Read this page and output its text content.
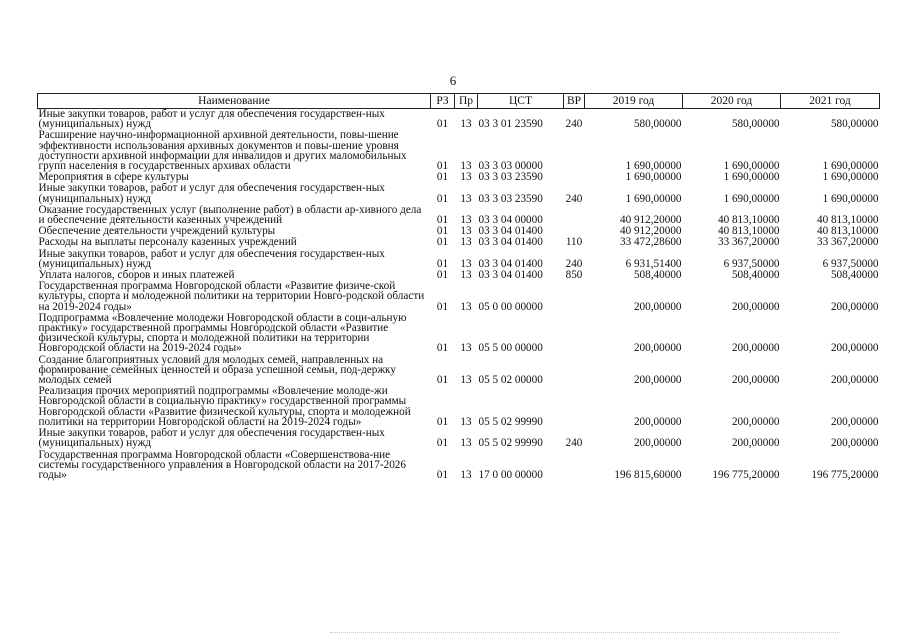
6
Наименование	РЗ	Пр	ЦСТ	ВР	2019 год	2020 год	2021 год
Иные закупки товаров, работ и услуг для обеспечения государствен-ных (муниципальных) нужд	01	13	03 3 01 23590	240	580,00000	580,00000	580,00000
Расширение научно-информационной архивной деятельности, повы-шение эффективности использования архивных документов и повы-шение уровня доступности архивной информации для инвалидов и других маломобильных групп населения в государственных архивах области	01	13	03 3 03 00000		1 690,00000	1 690,00000	1 690,00000
Мероприятия в сфере культуры	01	13	03 3 03 23590		1 690,00000	1 690,00000	1 690,00000
Иные закупки товаров, работ и услуг для обеспечения государствен-ных (муниципальных) нужд	01	13	03 3 03 23590	240	1 690,00000	1 690,00000	1 690,00000
Оказание государственных услуг (выполнение работ) в области ар-хивного дела и обеспечение деятельности казенных учреждений	01	13	03 3 04 00000		40 912,20000	40 813,10000	40 813,10000
Обеспечение деятельности учреждений культуры	01	13	03 3 04 01400		40 912,20000	40 813,10000	40 813,10000
Расходы на выплаты персоналу казенных учреждений	01	13	03 3 04 01400	110	33 472,28600	33 367,20000	33 367,20000
Иные закупки товаров, работ и услуг для обеспечения государствен-ных (муниципальных) нужд	01	13	03 3 04 01400	240	6 931,51400	6 937,50000	6 937,50000
Уплата налогов, сборов и иных платежей	01	13	03 3 04 01400	850	508,40000	508,40000	508,40000
Государственная программа Новгородской области «Развитие физиче-ской культуры, спорта и молодежной политики на территории Новго-родской области на 2019-2024 годы»	01	13	05 0 00 00000		200,00000	200,00000	200,00000
Подпрограмма «Вовлечение молодежи Новгородской области в соци-альную практику» государственной программы Новгородской области «Развитие физической культуры, спорта и молодежной политики на территории Новгородской области на 2019-2024 годы»	01	13	05 5 00 00000		200,00000	200,00000	200,00000
Создание благоприятных условий для молодых семей, направленных на формирование семейных ценностей и образа успешной семьи, под-держку молодых семей	01	13	05 5 02 00000		200,00000	200,00000	200,00000
Реализация прочих мероприятий подпрограммы «Вовлечение молоде-жи Новгородской области в социальную практику» государственной программы Новгородской области «Развитие физической культуры, спорта и молодежной политики на территории Новгородской области на 2019-2024 годы»	01	13	05 5 02 99990		200,00000	200,00000	200,00000
Иные закупки товаров, работ и услуг для обеспечения государствен-ных (муниципальных) нужд	01	13	05 5 02 99990	240	200,00000	200,00000	200,00000
Государственная программа Новгородской области «Совершенствова-ние системы государственного управления в Новгородской области на 2017-2026 годы»	01	13	17 0 00 00000		196 815,60000	196 775,20000	196 775,20000
